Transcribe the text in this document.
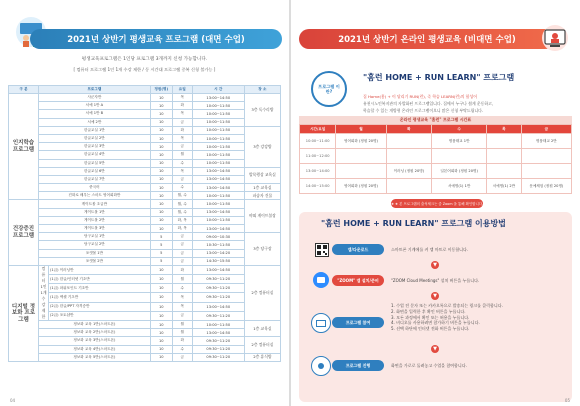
2021년 상반기 평생교육 프로그램 (대면 수업)
평생교육프로그램은 1인당 프로그램 3개까지 신청 가능합니다.
[ 컴퓨터 프로그램 1인 1개 수강 제한 / 동 시간대 프로그램 중복 신청 불가능 ]
구 분	프로그램		정원(명)	요일	시 간	장 소
인지학습 프로그램	사군자반		10	목	13:00~14:50	3층 독수리방
	서예 1반 A		10	화	10:00~11:50	
	서예 1반 B		10	목	10:00~11:50	
	서예 2반		10	금	10:00~11:50	
	한글교실 1반		10	화	10:00~11:50	3층 강강방
	한글교실 2반		10	목	10:00~11:50	
	한글교실 3반		10	금	10:00~11:50	
	한글교실 4반		10	월	10:00~11:50	
	한글교실 5반		10	수	10:00~11:50	
	한글교실 6반		10	목	13:00~14:50	발목행상 교육실
	한글교실 7반		10	금	13:00~14:50	
	중국어		10	수	13:00~14:50	1층 교육실
	진화로 배우는 스마트 영어회화반		10	월, 수	10:00~11:50	파솜자 건물
건강증진 프로그램	게이트볼 초급반		10	월, 수	10:00~11:50	야외 게이트볼장
	게이트볼 1반		10	월, 수	13:00~14:50	
	게이트볼 2반		10	화, 목	10:00~11:50	
	게이트볼 3반		10	화, 목	13:00~14:50	
	당구교실 1반		5	금	09:00~10:30	3층 당구장
	당구교실 2반		5	금	10:30~11:50	
	포켓볼 1반		5	금	13:00~14:20	
	포켓볼 2반		5	금	14:30~15:50	
디지털 정보화 프로그램	컴퓨터 1인 1개 수강 제한	(1급) 이러닝반	10	화	13:00~14:50	2층 컴퓨터실
		(1급) 한글/인터넷 기초반	10	월	09:30~11:20	
		(1급) 파워포인트 기초반	10	수	09:30~11:20	
		(1급) 엑셀 기초반	10	목	09:30~11:20	
		(2급) 한글/PPT 자격증반	10	목	13:00~14:50	
		(2급) 포토샵반	10	금	09:30~11:20	
	정보화 교육 1반(스마트폰)		10	월	10:00~11:50	1층 교육실
	정보화 교육 2반(스마트폰)		10	월	13:00~14:50	
	정보화 교육 3반(스마트폰)		10	화	09:30~11:20	2층 컴퓨터실
	정보화 교육 4반(스마트폰)		10	수	09:30~11:20	
	정보화 교육 5반(스마트폰)		10	금	09:30~11:20	2층 휴식방
04
2021년 상반기 온라인 평생교육 (비대면 수업)
프로그램 이란?
"홈런 HOME + RUN LEARN" 프로그램
집 Home(홈) + 이 달리기 RUN(런), 즉 학습 LEARN(런)의 합성어
유천시노인복지관의 자발화된 프로그램입니다. 집에서 누구나 쉽게 운동하고,
학습할 수 있는 개방형 온라인 프로그램이오니 많은 신청 부탁드립니다.
온라인 평생교육 "홈런" 프로그램 시간표
시간/요일	월	화	수	목	금
10:00~11:00	영어회화 (정원 20명)		명품태교 1반		명품태교 2반
11:00~12:00					
13:00~14:00		이러닝 (정원 20명)	일본어회화 (정원 20명)		
14:00~15:00	영어회화 (정원 20명)		서예명(1) 1반	서예명(1) 2반	문예체험 (정원 20명)
★ ★ 본 프로그램의 출석체크는 줌 Zoom 을 통해 확인합니다.
"홈런 HOME + RUN LEARN" 프로그램 이용방법
앱/다운로드	스마트폰 기계에를 켜 앱 마트로 이동합니다.
▼
"ZOOM" 앱 설치/준비	"ZOOM Cloud Meetings" 설치 버튼을 누릅니다.
▼
프로그램 참여
1. 수업 전 문자 또는 카카오톡으로 발송되는 링크를 클릭합니다.
2. 화면을 입력한 후 확인 버튼을 누릅니다.
3. 모든 과정에서 확인 또는 허용을 누릅니다.
4. 비디오를 사용하려면 참가하기 버튼을 누릅니다.
5. 선택 하단에 인터넷 전화 버튼을 누릅니다.
▼
프로그램 진행	화면을 가로로 돌려놓고 수업을 참여합니다.
05
